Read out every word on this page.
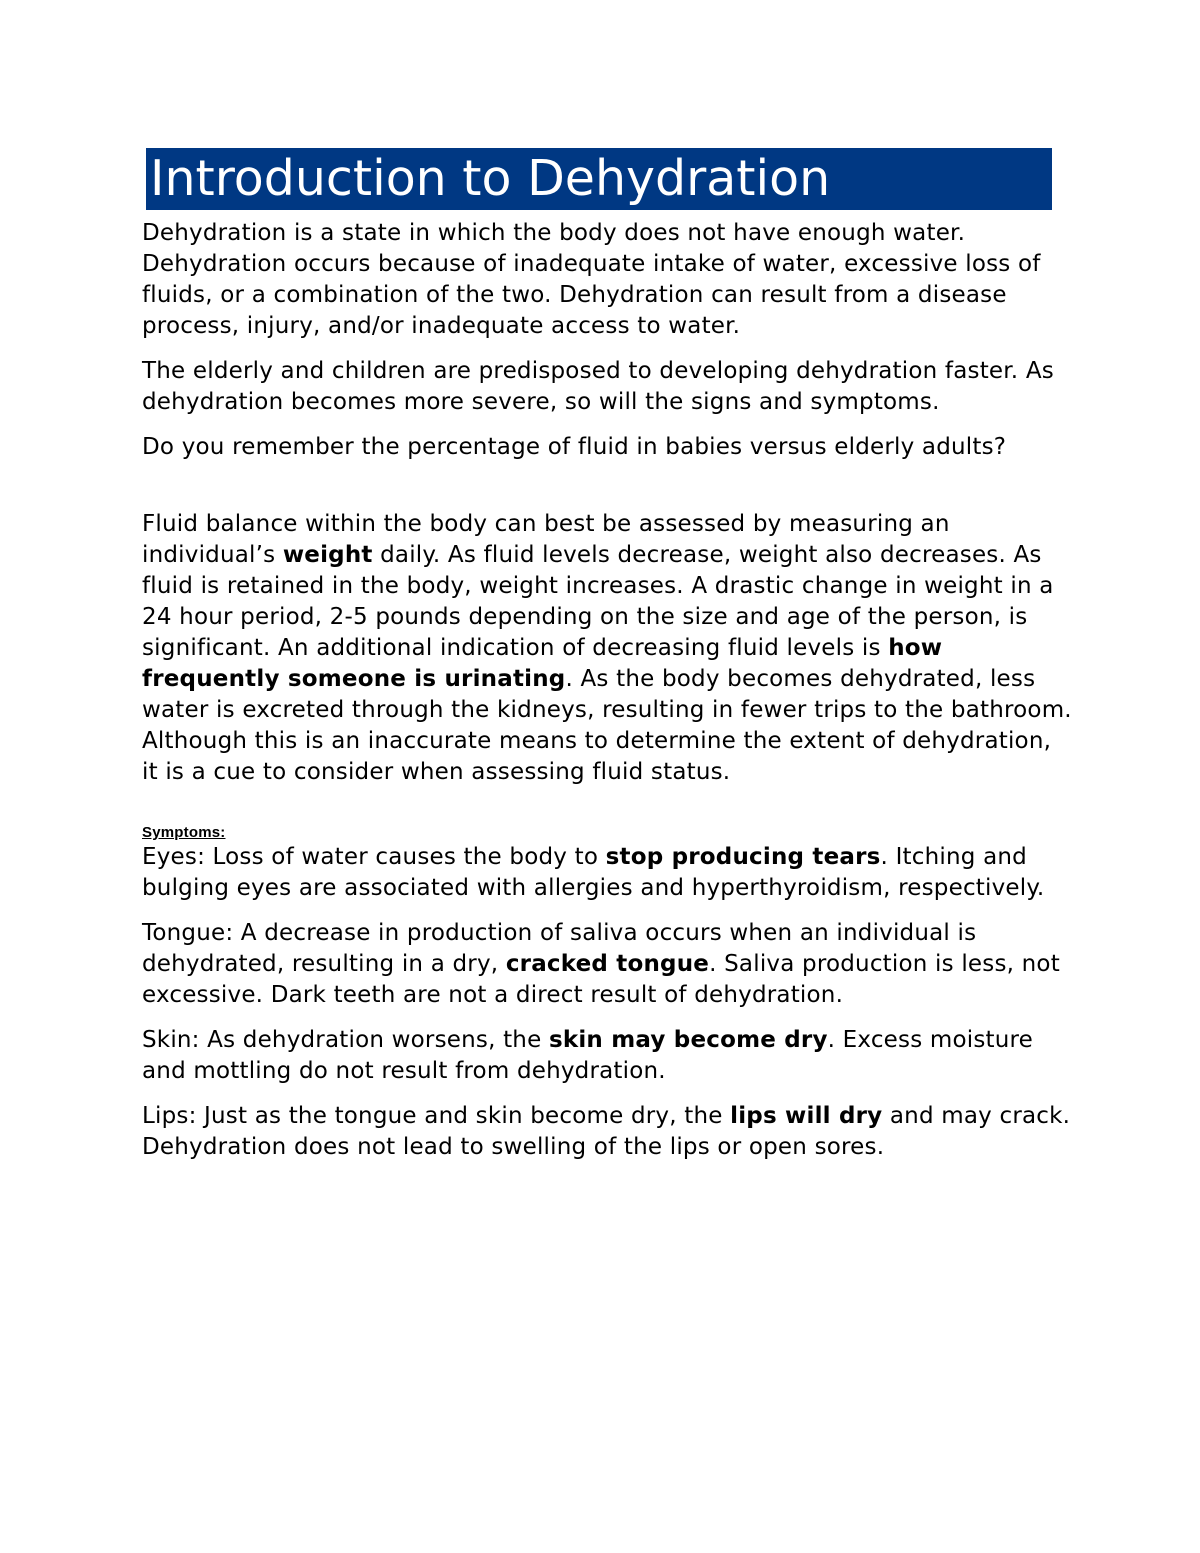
Introduction to Dehydration

Dehydration is a state in which the body does not have enough water. Dehydration occurs because of inadequate intake of water, excessive loss of fluids, or a combination of the two. Dehydration can result from a disease process, injury, and/or inadequate access to water.

The elderly and children are predisposed to developing dehydration faster. As dehydration becomes more severe, so will the signs and symptoms.

Do you remember the percentage of fluid in babies versus elderly adults?

Fluid balance within the body can best be assessed by measuring an individual’s weight daily. As fluid levels decrease, weight also decreases. As fluid is retained in the body, weight increases. A drastic change in weight in a 24 hour period, 2-5 pounds depending on the size and age of the person, is significant. An additional indication of decreasing fluid levels is how frequently someone is urinating. As the body becomes dehydrated, less water is excreted through the kidneys, resulting in fewer trips to the bathroom. Although this is an inaccurate means to determine the extent of dehydration, it is a cue to consider when assessing fluid status.

Symptoms:

Eyes: Loss of water causes the body to stop producing tears. Itching and bulging eyes are associated with allergies and hyperthyroidism, respectively.

Tongue: A decrease in production of saliva occurs when an individual is dehydrated, resulting in a dry, cracked tongue. Saliva production is less, not excessive. Dark teeth are not a direct result of dehydration.

Skin: As dehydration worsens, the skin may become dry. Excess moisture and mottling do not result from dehydration.

Lips: Just as the tongue and skin become dry, the lips will dry and may crack. Dehydration does not lead to swelling of the lips or open sores.
